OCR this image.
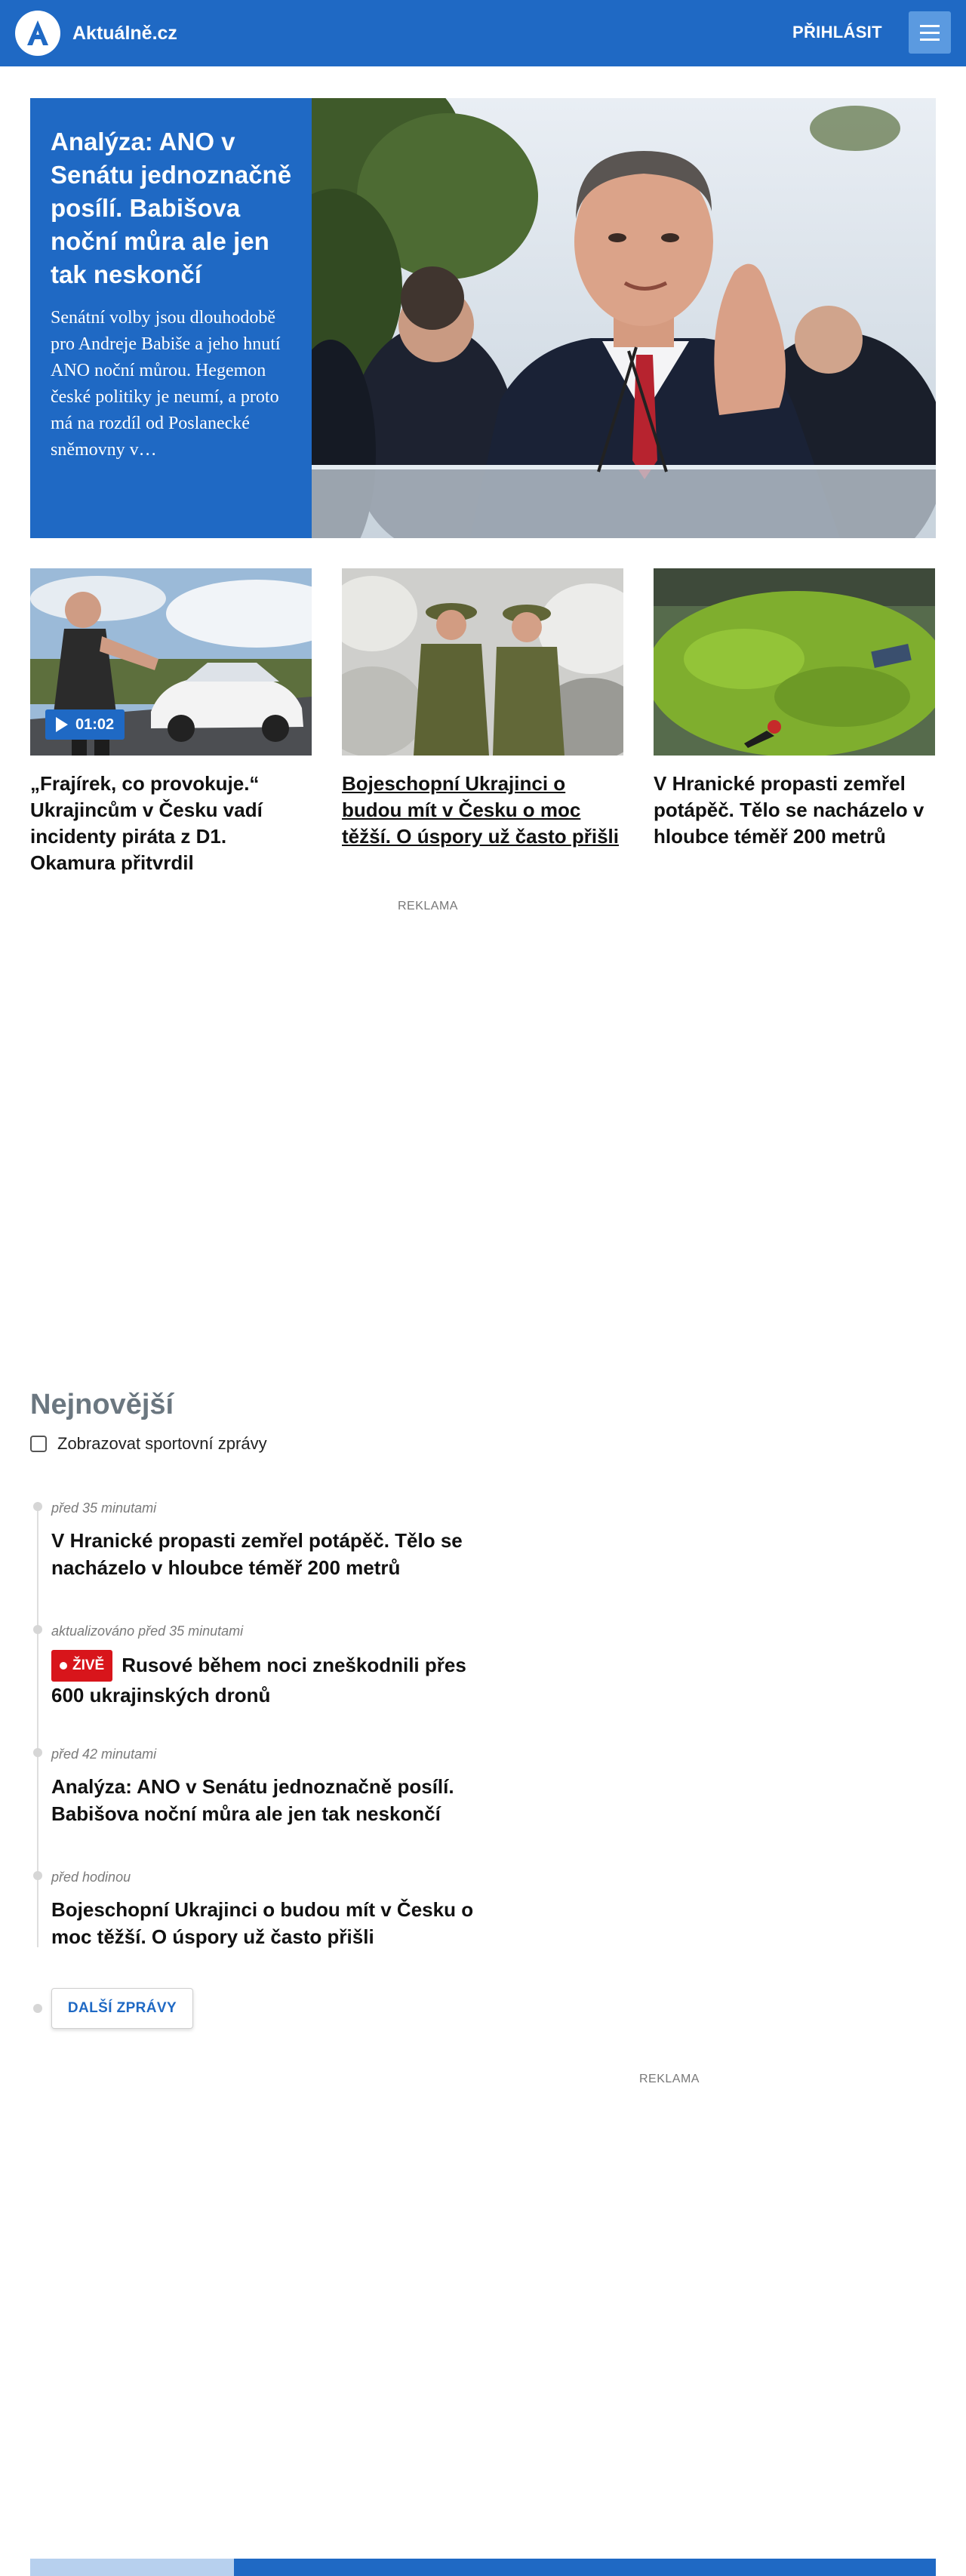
Aktuálně.cz	PŘIHLÁSIT
Analýza: ANO v Senátu jednoznačně posílí. Babišova noční můra ale jen tak neskončí

Senátní volby jsou dlouhodobě pro Andreje Babiše a jeho hnutí ANO noční můrou. Hegemon české politiky je neumí, a proto má na rozdíl od Poslanecké sněmovny v…

01:02
„Frajírek, co provokuje.“ Ukrajincům v Česku vadí incidenty piráta z D1. Okamura přitvrdil
Bojeschopní Ukrajinci o budou mít v Česku o moc těžší. O úspory už často přišli
V Hranické propasti zemřel potápěč. Tělo se nacházelo v hloubce téměř 200 metrů
REKLAMA
Nejnovější
Zobrazovat sportovní zprávy
před 35 minutami
V Hranické propasti zemřel potápěč. Tělo se nacházelo v hloubce téměř 200 metrů
aktualizováno před 35 minutami
ŽIVĚ Rusové během noci zneškodnili přes 600 ukrajinských dronů
před 42 minutami
Analýza: ANO v Senátu jednoznačně posílí. Babišova noční můra ale jen tak neskončí
před hodinou
Bojeschopní Ukrajinci o budou mít v Česku o moc těžší. O úspory už často přišli
DALŠÍ ZPRÁVY
REKLAMA
